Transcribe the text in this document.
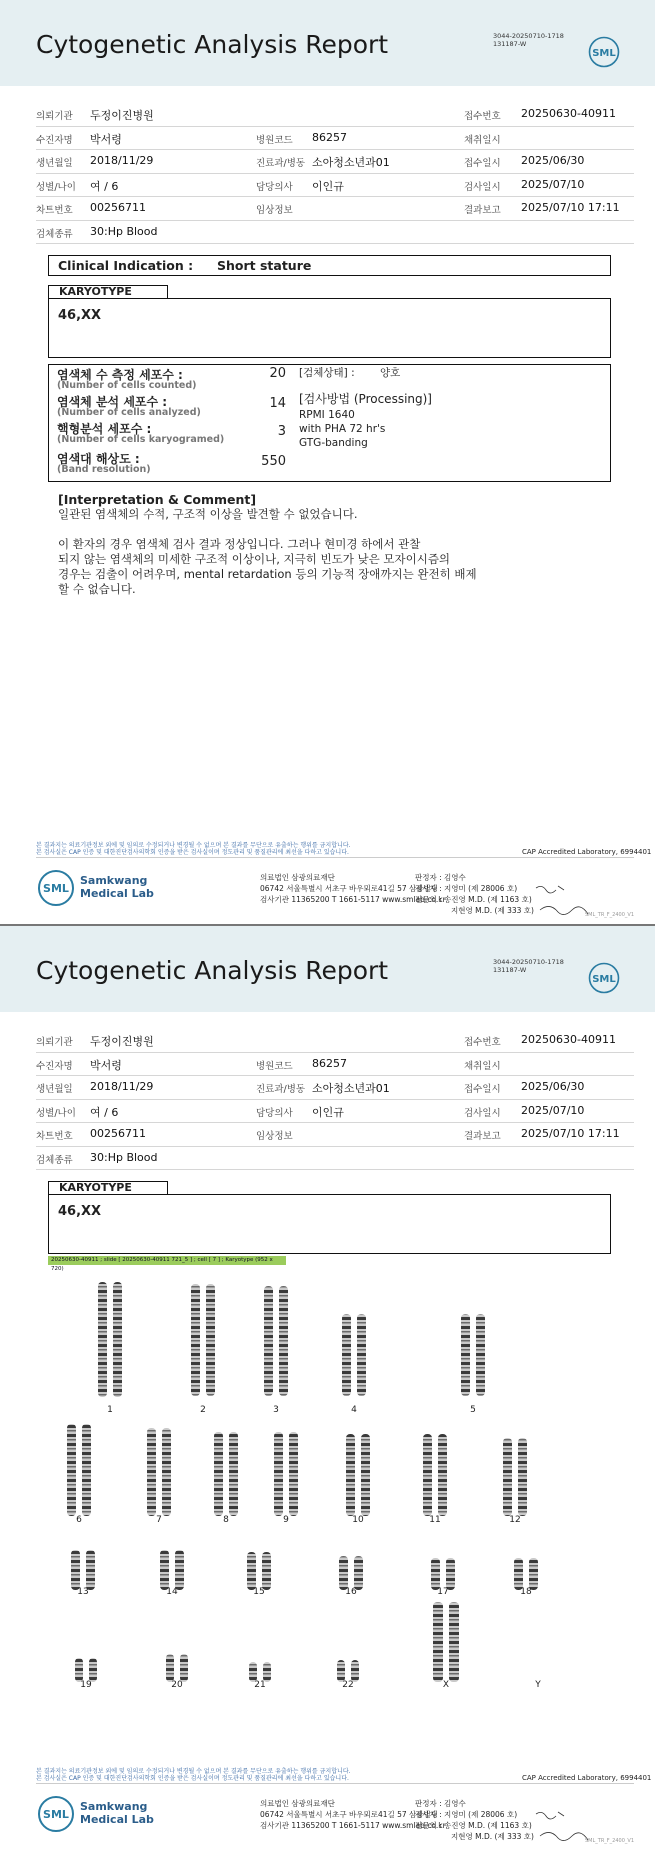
Cytogenetic Analysis Report	3044-20250710-1718
131187-W
SML
의뢰기관 두정이진병원	접수번호 20250630-40911
수진자명 박서령	병원코드 86257	채취일시
생년월일 2018/11/29	진료과/병동 소아청소년과01	접수일시 2025/06/30
성별/나이 여 / 6	담당의사 이인규	검사일시 2025/07/10
차트번호 00256711	임상정보	결과보고 2025/07/10 17:11
검체종류 30:Hp Blood
Clinical Indication : Short stature
KARYOTYPE
46,XX
염색체 수 측정 세포수 :
(Number of cells counted)
20
염색체 분석 세포수 :
(Number of cells analyzed)
14
핵형분석 세포수 :
(Number of cells karyogramed)
3
염색대 해상도 :
(Band resolution)
550
[검체상태] : 양호
[검사방법 (Processing)]
RPMI 1640
with PHA 72 hr's
GTG-banding
[Interpretation & Comment]
일관된 염색체의 수적, 구조적 이상을 발견할 수 없었습니다.
이 환자의 경우 염색체 검사 결과 정상입니다. 그러나 현미경 하에서 관찰
되지 않는 염색체의 미세한 구조적 이상이나, 지극히 빈도가 낮은 모자이시즘의
경우는 검출이 어려우며, mental retardation 등의 기능적 장애까지는 완전히 배제
할 수 없습니다.
본 결과지는 의료기관정보 외에 및 임의로 수정되거나 변경될 수 없으며 본 결과를 무단으로 유출하는 행위를 금지합니다.
본 검사실은 CAP 인증 및 대한진단검사의학회 인증을 받은 검사실이며 정도관리 및 품질관리에 최선을 다하고 있습니다.	CAP Accredited Laboratory, 6994401
SML
Samkwang
Medical Lab
의료법인 삼광의료재단
06742 서울특별시 서초구 바우뫼로41길 57 삼광빌딩
검사기관 11365200 T 1661-5117 www.smlab.co.kr
판정자 : 김영수
검사자 : 지영미 (제 28006 호)
전문의 : 송진영 M.D. (제 1163 호)
지현영 M.D. (제 333 호)	SML_TR_F_2400_V1
Cytogenetic Analysis Report	3044-20250710-1718
131187-W
SML
의뢰기관 두정이진병원	접수번호 20250630-40911
수진자명 박서령	병원코드 86257	채취일시
생년월일 2018/11/29	진료과/병동 소아청소년과01	접수일시 2025/06/30
성별/나이 여 / 6	담당의사 이인규	검사일시 2025/07/10
차트번호 00256711	임상정보	결과보고 2025/07/10 17:11
검체종류 30:Hp Blood
KARYOTYPE
46,XX
본 결과지는 의료기관정보 외에 및 임의로 수정되거나 변경될 수 없으며 본 결과를 무단으로 유출하는 행위를 금지합니다.
본 검사실은 CAP 인증 및 대한진단검사의학회 인증을 받은 검사실이며 정도관리 및 품질관리에 최선을 다하고 있습니다.	CAP Accredited Laboratory, 6994401
SML
Samkwang
Medical Lab
의료법인 삼광의료재단
06742 서울특별시 서초구 바우뫼로41길 57 삼광빌딩
검사기관 11365200 T 1661-5117 www.smlab.co.kr
판정자 : 김영수
검사자 : 지영미 (제 28006 호)
전문의 : 송진영 M.D. (제 1163 호)
지현영 M.D. (제 333 호)	SML_TR_F_2400_V1
20250630-40911 ; slide [ 20250630-40911 721_5 ] ; cell [ 7 ] ; Karyotype (952 x 720)
1	2	3	4	5
6	7	8	9	10	11	12
13	14	15	16	17	18
19	20	21	22	X	Y
